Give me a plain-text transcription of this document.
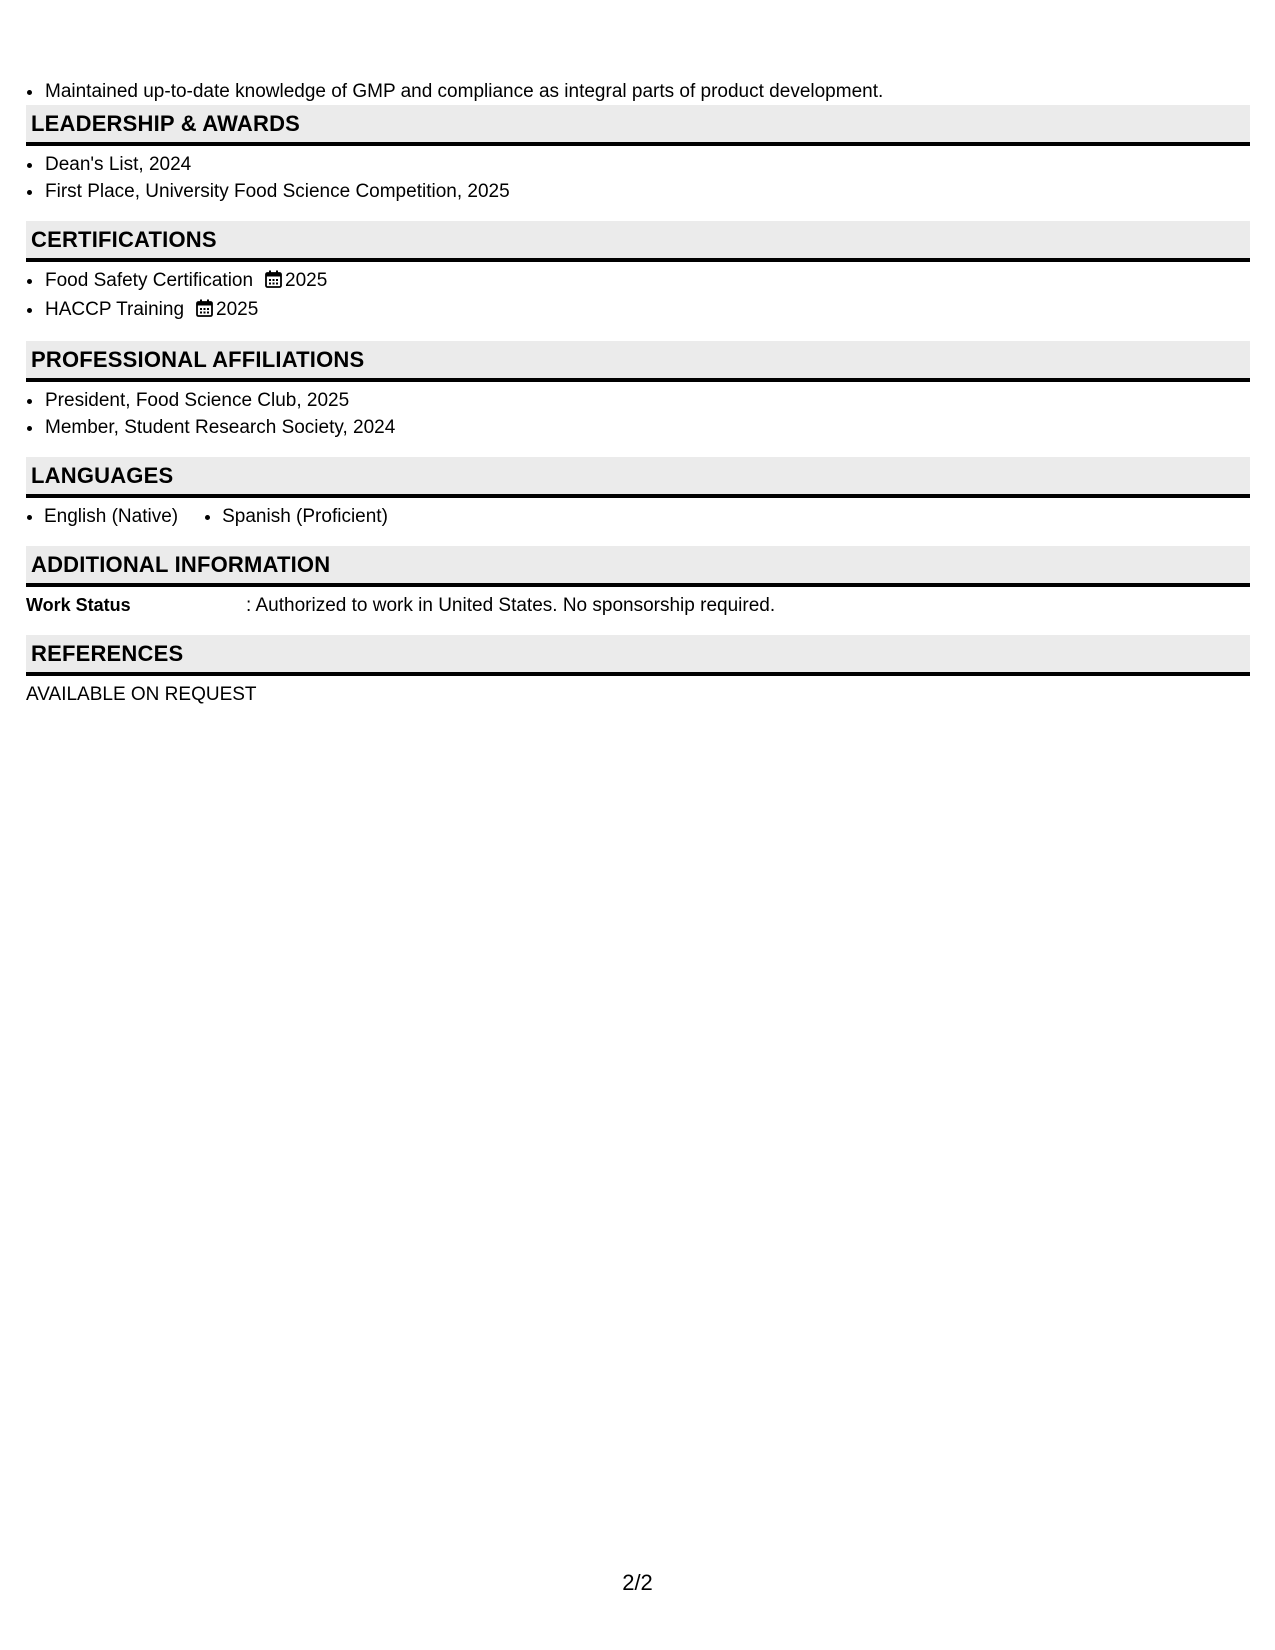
• Maintained up-to-date knowledge of GMP and compliance as integral parts of product development.
LEADERSHIP & AWARDS
• Dean's List, 2024
• First Place, University Food Science Competition, 2025
CERTIFICATIONS
• Food Safety Certification 2025
• HACCP Training 2025
PROFESSIONAL AFFILIATIONS
• President, Food Science Club, 2025
• Member, Student Research Society, 2024
LANGUAGES
• English (Native)
• Spanish (Proficient)
ADDITIONAL INFORMATION
Work Status	: Authorized to work in United States. No sponsorship required.
REFERENCES
AVAILABLE ON REQUEST
2/2
